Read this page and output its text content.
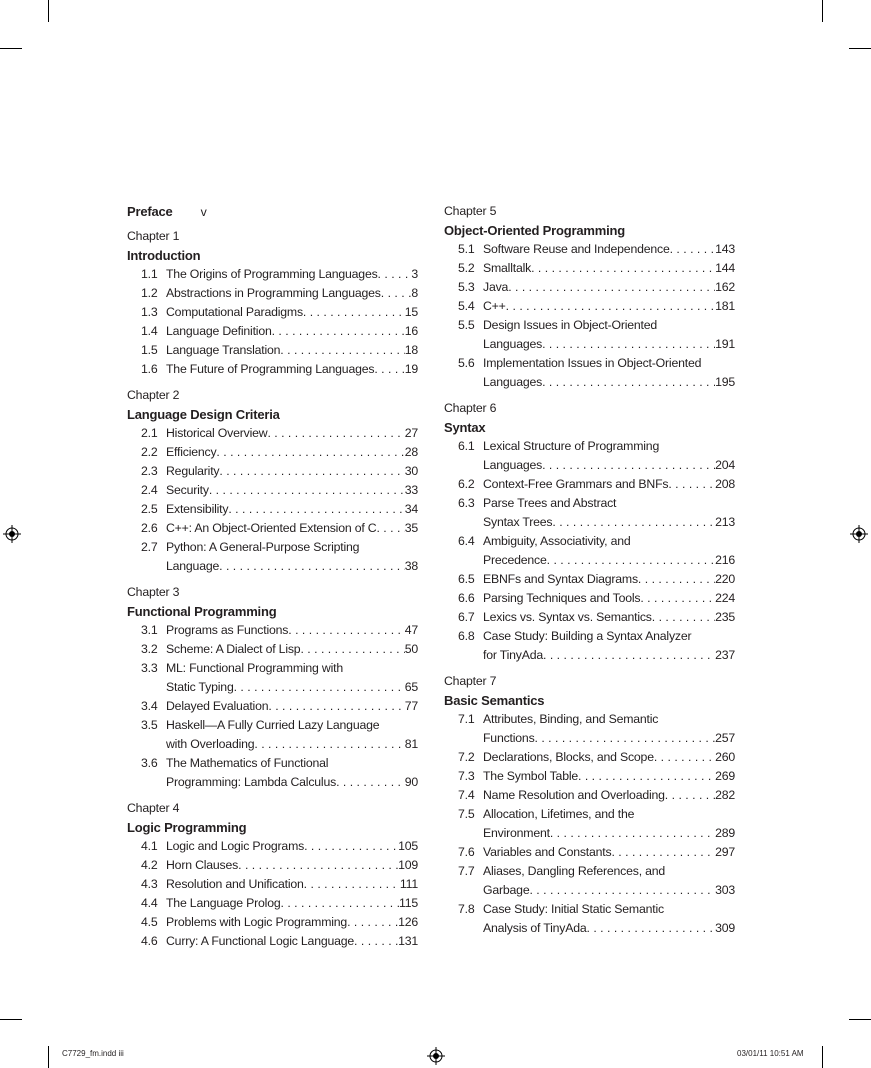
Preface v
Chapter 1
Introduction
1.1 The Origins of Programming Languages . . .	3
1.2 Abstractions in Programming Languages . . . 8
1.3 Computational Paradigms . . .	15
1.4 Language Definition . . .	16
1.5 Language Translation . . .	18
1.6 The Future of Programming Languages . . . 19
Chapter 2
Language Design Criteria
2.1 Historical Overview . . .	27
2.2 Efficiency . . .	28
2.3 Regularity . . .	30
2.4 Security . . .	33
2.5 Extensibility . . .	34
2.6 C++: An Object-Oriented Extension of C . . . 35
2.7 Python: A General-Purpose Scripting
Language . . .	38
Chapter 3
Functional Programming
3.1 Programs as Functions . . .	47
3.2 Scheme: A Dialect of Lisp . . .	50
3.3 ML: Functional Programming with
Static Typing . . .	65
3.4 Delayed Evaluation . . .	77
3.5 Haskell—A Fully Curried Lazy Language
with Overloading . . .	81
3.6 The Mathematics of Functional
Programming: Lambda Calculus . . .	90
Chapter 4
Logic Programming
4.1 Logic and Logic Programs . . .	105
4.2 Horn Clauses . . .	109
4.3 Resolution and Unification . . .	111
4.4 The Language Prolog . . .	115
4.5 Problems with Logic Programming . . .	126
4.6 Curry: A Functional Logic Language . . .	131
Chapter 5
Object-Oriented Programming
5.1 Software Reuse and Independence . . .	143
5.2 Smalltalk . . .	144
5.3 Java . . .	162
5.4 C++ . . .	181
5.5 Design Issues in Object-Oriented
Languages . . .	191
5.6 Implementation Issues in Object-Oriented
Languages . . .	195
Chapter 6
Syntax
6.1 Lexical Structure of Programming
Languages . . .	204
6.2 Context-Free Grammars and BNFs . . .	208
6.3 Parse Trees and Abstract
Syntax Trees . . .	213
6.4 Ambiguity, Associativity, and
Precedence . . .	216
6.5 EBNFs and Syntax Diagrams . . .	220
6.6 Parsing Techniques and Tools . . .	224
6.7 Lexics vs. Syntax vs. Semantics . . .	235
6.8 Case Study: Building a Syntax Analyzer
for TinyAda . . .	237
Chapter 7
Basic Semantics
7.1 Attributes, Binding, and Semantic
Functions . . .	257
7.2 Declarations, Blocks, and Scope . . .	260
7.3 The Symbol Table . . .	269
7.4 Name Resolution and Overloading . . .	282
7.5 Allocation, Lifetimes, and the
Environment . . .	289
7.6 Variables and Constants . . .	297
7.7 Aliases, Dangling References, and
Garbage . . .	303
7.8 Case Study: Initial Static Semantic
Analysis of TinyAda . . .	309
C7729_fm.indd iii	03/01/11 10:51 AM
